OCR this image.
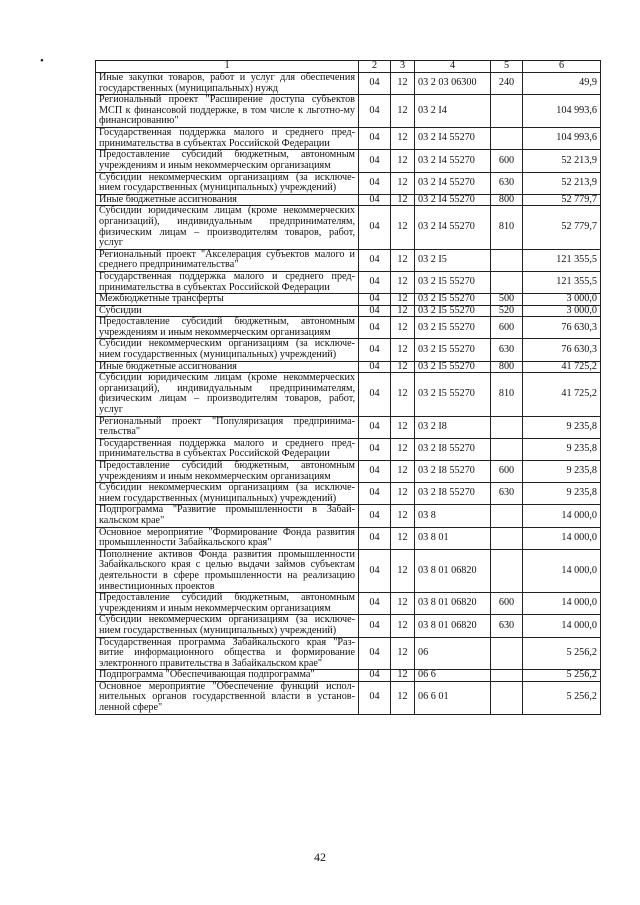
•	1	2	3	4	5	6
Иные закупки товаров, работ и услуг для обеспечения государственных (муниципальных) нужд	04	12	03 2 03 06300	240	49,9
Региональный проект "Расширение доступа субъектов МСП к финансовой поддержке, в том числе к льготно-му финансированию"	04	12	03 2 I4		104 993,6
Государственная поддержка малого и среднего пред-принимательства в субъектах Российской Федерации	04	12	03 2 I4 55270		104 993,6
Предоставление субсидий бюджетным, автономным учреждениям и иным некоммерческим организациям	04	12	03 2 I4 55270	600	52 213,9
Субсидии некоммерческим организациям (за исключе-нием государственных (муниципальных) учреждений)	04	12	03 2 I4 55270	630	52 213,9
Иные бюджетные ассигнования	04	12	03 2 I4 55270	800	52 779,7
Субсидии юридическим лицам (кроме некоммерческих организаций), индивидуальным предпринимателям, физическим лицам – производителям товаров, работ, услуг	04	12	03 2 I4 55270	810	52 779,7
Региональный проект "Акселерация субъектов малого и среднего предпринимательства"	04	12	03 2 I5		121 355,5
Государственная поддержка малого и среднего пред-принимательства в субъектах Российской Федерации	04	12	03 2 I5 55270		121 355,5
Межбюджетные трансферты	04	12	03 2 I5 55270	500	3 000,0
Субсидии	04	12	03 2 I5 55270	520	3 000,0
Предоставление субсидий бюджетным, автономным учреждениям и иным некоммерческим организациям	04	12	03 2 I5 55270	600	76 630,3
Субсидии некоммерческим организациям (за исключе-нием государственных (муниципальных) учреждений)	04	12	03 2 I5 55270	630	76 630,3
Иные бюджетные ассигнования	04	12	03 2 I5 55270	800	41 725,2
Субсидии юридическим лицам (кроме некоммерческих организаций), индивидуальным предпринимателям, физическим лицам – производителям товаров, работ, услуг	04	12	03 2 I5 55270	810	41 725,2
Региональный проект "Популяризация предпринима-тельства"	04	12	03 2 I8		9 235,8
Государственная поддержка малого и среднего пред-принимательства в субъектах Российской Федерации	04	12	03 2 I8 55270		9 235,8
Предоставление субсидий бюджетным, автономным учреждениям и иным некоммерческим организациям	04	12	03 2 I8 55270	600	9 235,8
Субсидии некоммерческим организациям (за исключе-нием государственных (муниципальных) учреждений)	04	12	03 2 I8 55270	630	9 235,8
Подпрограмма "Развитие промышленности в Забай-кальском крае"	04	12	03 8		14 000,0
Основное мероприятие "Формирование Фонда развития промышленности Забайкальского края"	04	12	03 8 01		14 000,0
Пополнение активов Фонда развития промышленности Забайкальского края с целью выдачи займов субъектам деятельности в сфере промышленности на реализацию инвестиционных проектов	04	12	03 8 01 06820		14 000,0
Предоставление субсидий бюджетным, автономным учреждениям и иным некоммерческим организациям	04	12	03 8 01 06820	600	14 000,0
Субсидии некоммерческим организациям (за исключе-нием государственных (муниципальных) учреждений)	04	12	03 8 01 06820	630	14 000,0
Государственная программа Забайкальского края "Раз-витие информационного общества и формирование электронного правительства в Забайкальском крае"	04	12	06		5 256,2
Подпрограмма "Обеспечивающая подпрограмма"	04	12	06 6		5 256,2
Основное мероприятие "Обеспечение функций испол-нительных органов государственной власти в установ-ленной сфере"	04	12	06 6 01		5 256,2
42
